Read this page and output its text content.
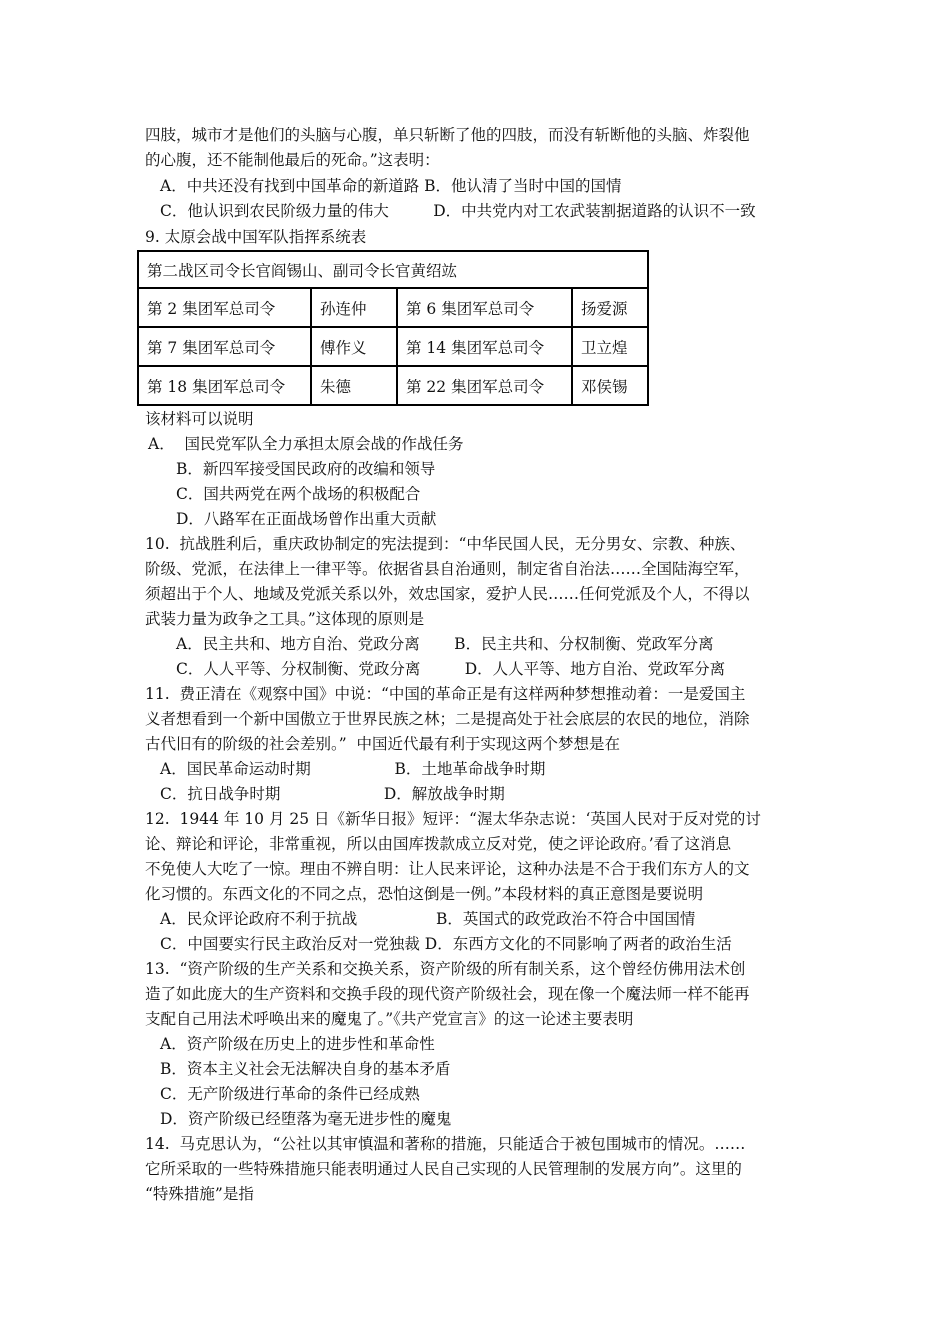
四肢，城市才是他们的头脑与心腹，单只斩断了他的四肢，而没有斩断他的头脑、炸裂他
的心腹，还不能制他最后的死命。”这表明：
A．中共还没有找到中国革命的新道路 B．他认清了当时中国的国情
C．他认识到农民阶级力量的伟大         D．中共党内对工农武装割据道路的认识不一致
9. 太原会战中国军队指挥系统表
第二战区司令长官阎锡山、副司令长官黄绍竑			
第 2 集团军总司令	孙连仲	第 6 集团军总司令	扬爱源
第 7 集团军总司令	傅作义	第 14 集团军总司令	卫立煌
第 18 集团军总司令	朱德	第 22 集团军总司令	邓侯锡
该材料可以说明
A．  国民党军队全力承担太原会战的作战任务
B．新四军接受国民政府的改编和领导
C．国共两党在两个战场的积极配合
D．八路军在正面战场曾作出重大贡献
10.  抗战胜利后，重庆政协制定的宪法提到：“中华民国人民，无分男女、宗教、种族、
阶级、党派，在法律上一律平等。依据省县自治通则，制定省自治法……全国陆海空军，
须超出于个人、地域及党派关系以外，效忠国家，爱护人民……任何党派及个人，不得以
武装力量为政争之工具。”这体现的原则是
A．民主共和、地方自治、党政分离       B．民主共和、分权制衡、党政军分离
C．人人平等、分权制衡、党政分离         D．人人平等、地方自治、党政军分离
11.  费正清在《观察中国》中说：“中国的革命正是有这样两种梦想推动着：一是爱国主
义者想看到一个新中国傲立于世界民族之林；二是提高处于社会底层的农民的地位，消除
古代旧有的阶级的社会差别。”  中国近代最有利于实现这两个梦想是在
A．国民革命运动时期                 B．土地革命战争时期
C．抗日战争时期                     D．解放战争时期
12.  1944 年 10 月 25 日《新华日报》短评：“渥太华杂志说：‘英国人民对于反对党的讨
论、辩论和评论，非常重视，所以由国库拨款成立反对党，使之评论政府。’看了这消息
不免使人大吃了一惊。理由不辨自明：让人民来评论，这种办法是不合于我们东方人的文
化习惯的。东西文化的不同之点，恐怕这倒是一例。”本段材料的真正意图是要说明
A．民众评论政府不利于抗战                B．英国式的政党政治不符合中国国情
C．中国要实行民主政治反对一党独裁 D．东西方文化的不同影响了两者的政治生活
13.  “资产阶级的生产关系和交换关系，资产阶级的所有制关系，这个曾经仿佛用法术创
造了如此庞大的生产资料和交换手段的现代资产阶级社会，现在像一个魔法师一样不能再
支配自己用法术呼唤出来的魔鬼了。”《共产党宣言》的这一论述主要表明
A．资产阶级在历史上的进步性和革命性
B．资本主义社会无法解决自身的基本矛盾
C．无产阶级进行革命的条件已经成熟
D．资产阶级已经堕落为毫无进步性的魔鬼
14.  马克思认为，“公社以其审慎温和著称的措施，只能适合于被包围城市的情况。……
它所采取的一些特殊措施只能表明通过人民自己实现的人民管理制的发展方向”。这里的
“特殊措施”是指
